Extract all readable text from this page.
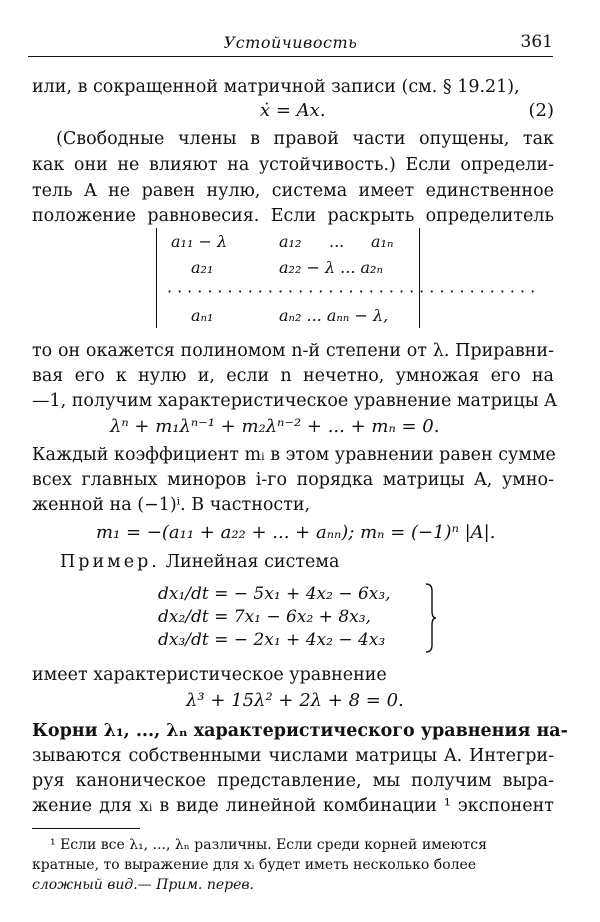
Устойчивость	361
или, в сокращенной матричной записи (см. § 19.21),
ẋ = Ax.	(2)
(Свободные члены в правой части опущены, так
как они не влияют на устойчивость.) Если определи-
тель A не равен нулю, система имеет единственное
положение равновесия. Если раскрыть определитель
a₁₁ − λ	a₁₂ ... a₁ₙ
a₂₁	a₂₂ − λ ... a₂ₙ
·····································
aₙ₁	aₙ₂ ... aₙₙ − λ,
то он окажется полиномом n-й степени от λ. Приравни-
вая его к нулю и, если n нечетно, умножая его на
—1, получим характеристическое уравнение матрицы A
λⁿ + m₁λⁿ⁻¹ + m₂λⁿ⁻² + ... + mₙ = 0.
Каждый коэффициент mᵢ в этом уравнении равен сумме
всех главных миноров i-го порядка матрицы A, умно-
женной на (−1)ⁱ. В частности,
m₁ = −(a₁₁ + a₂₂ + ... + aₙₙ); mₙ = (−1)ⁿ |A|.
Пример. Линейная система
dx₁/dt = − 5x₁ + 4x₂ − 6x₃,
dx₂/dt = 7x₁ − 6x₂ + 8x₃,
dx₃/dt = − 2x₁ + 4x₂ − 4x₃
имеет характеристическое уравнение
λ³ + 15λ² + 2λ + 8 = 0.
Корни λ₁, ..., λₙ характеристического уравнения на-
зываются собственными числами матрицы A. Интегри-
руя каноническое представление, мы получим выра-
жение для xᵢ в виде линейной комбинации ¹ экспонент
¹ Если все λ₁, ..., λₙ различны. Если среди корней имеются
кратные, то выражение для xᵢ будет иметь несколько более
сложный вид.— Прим. перев.
